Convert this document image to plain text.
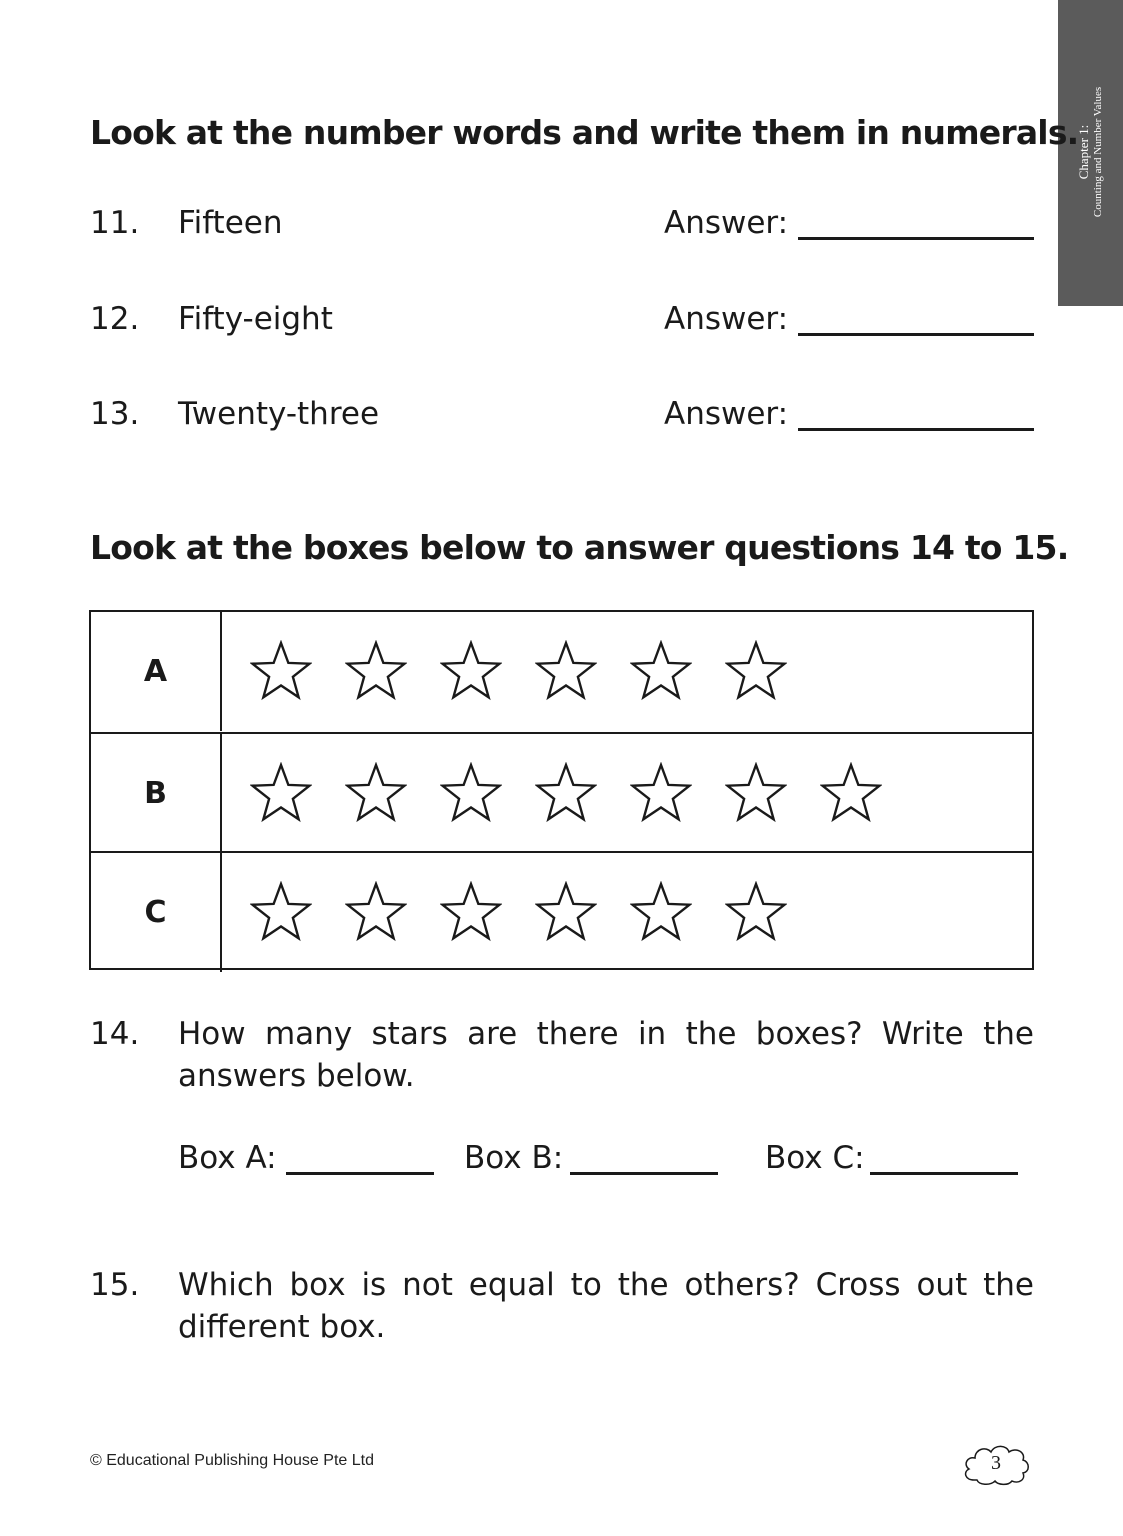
Chapter 1: Counting and Number Values
Look at the number words and write them in numerals.
11. Fifteen	Answer:
12. Fifty-eight	Answer:
13. Twenty-three	Answer:
Look at the boxes below to answer questions 14 to 15.
A
B
C
14. How many stars are there in the boxes? Write the answers below.
Box A:	Box B:	Box C:
15. Which box is not equal to the others? Cross out the different box.
© Educational Publishing House Pte Ltd	3
